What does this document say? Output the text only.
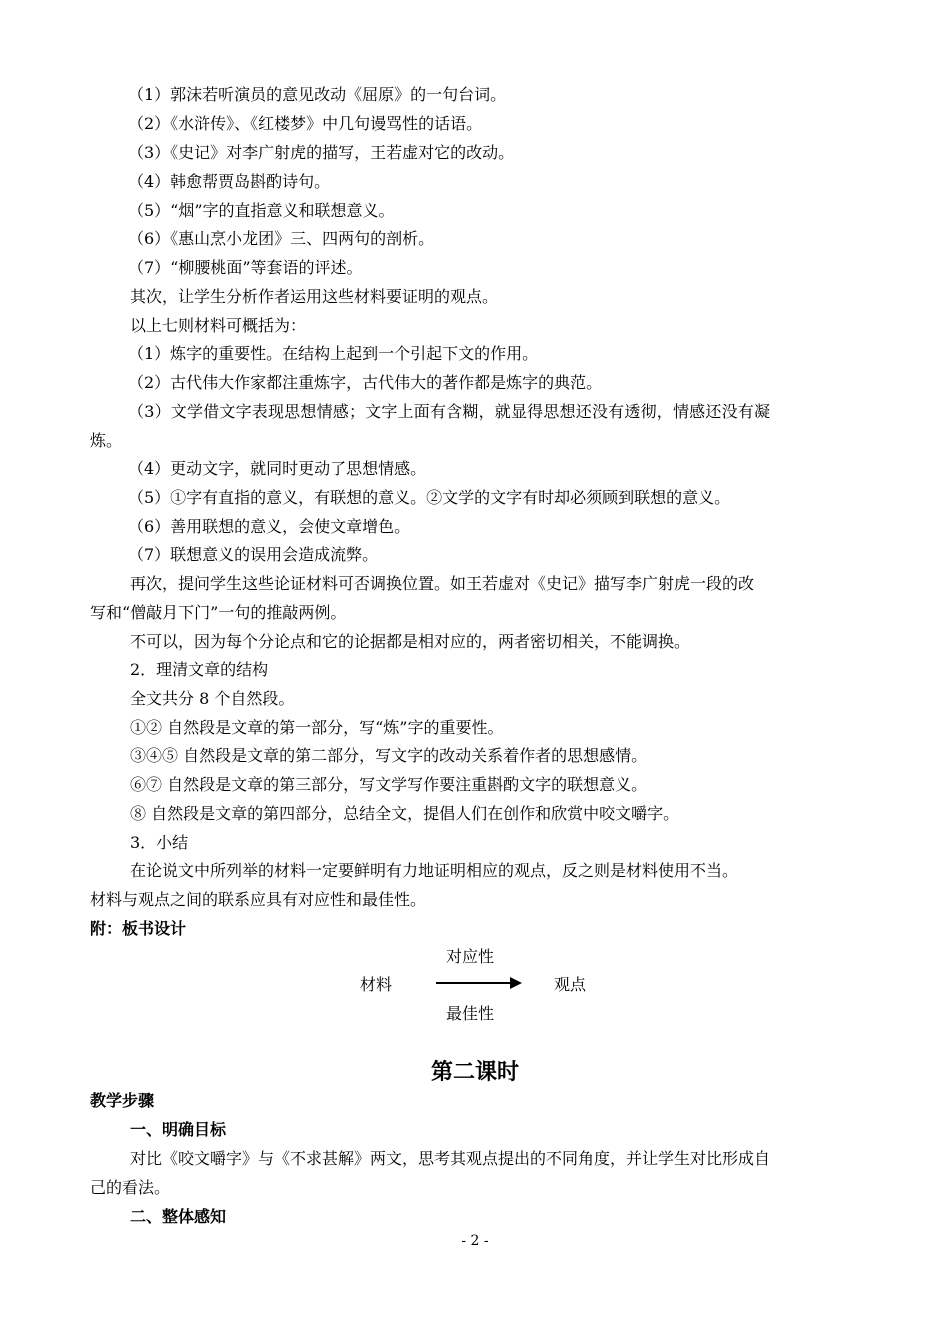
（1）郭沫若听演员的意见改动《屈原》的一句台词。
（2）《水浒传》、《红楼梦》中几句谩骂性的话语。
（3）《史记》对李广射虎的描写，王若虚对它的改动。
（4）韩愈帮贾岛斟酌诗句。
（5）“烟”字的直指意义和联想意义。
（6）《惠山烹小龙团》三、四两句的剖析。
（7）“柳腰桃面”等套语的评述。
其次，让学生分析作者运用这些材料要证明的观点。
以上七则材料可概括为：
（1）炼字的重要性。在结构上起到一个引起下文的作用。
（2）古代伟大作家都注重炼字，古代伟大的著作都是炼字的典范。
（3）文学借文字表现思想情感；文字上面有含糊，就显得思想还没有透彻，情感还没有凝
炼。
（4）更动文字，就同时更动了思想情感。
（5）①字有直指的意义，有联想的意义。②文学的文字有时却必须顾到联想的意义。
（6）善用联想的意义，会使文章增色。
（7）联想意义的误用会造成流弊。
再次，提问学生这些论证材料可否调换位置。如王若虚对《史记》描写李广射虎一段的改
写和“僧敲月下门”一句的推敲两例。
不可以，因为每个分论点和它的论据都是相对应的，两者密切相关，不能调换。
2．理清文章的结构
全文共分 8 个自然段。
①② 自然段是文章的第一部分，写“炼”字的重要性。
③④⑤ 自然段是文章的第二部分，写文字的改动关系着作者的思想感情。
⑥⑦ 自然段是文章的第三部分，写文学写作要注重斟酌文字的联想意义。
⑧ 自然段是文章的第四部分，总结全文，提倡人们在创作和欣赏中咬文嚼字。
3．小结
在论说文中所列举的材料一定要鲜明有力地证明相应的观点，反之则是材料使用不当。
材料与观点之间的联系应具有对应性和最佳性。
附：板书设计
对应性
材料	观点
最佳性
第二课时
教学步骤
一、明确目标
对比《咬文嚼字》与《不求甚解》两文，思考其观点提出的不同角度，并让学生对比形成自
己的看法。
二、整体感知
- 2 -
